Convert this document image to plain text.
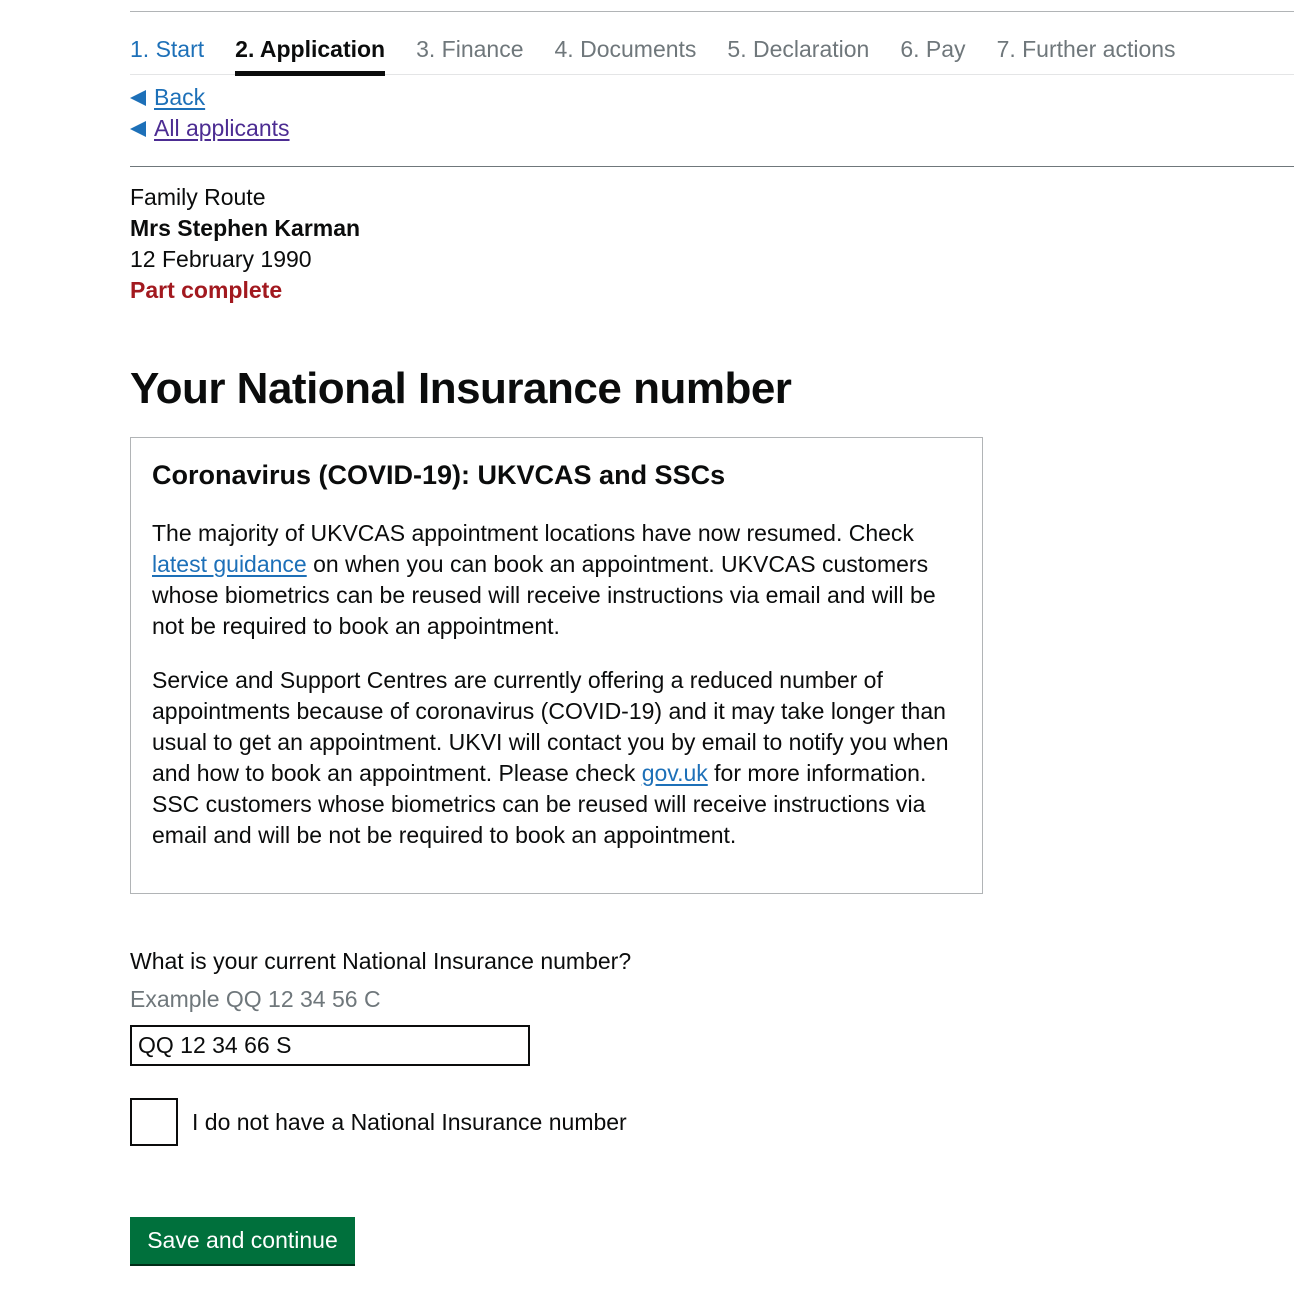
1. Start 2. Application 3. Finance 4. Documents 5. Declaration 6. Pay 7. Further actions
Back
All applicants
Family Route
Mrs Stephen Karman
12 February 1990
Part complete
Your National Insurance number
Coronavirus (COVID-19): UKVCAS and SSCs

The majority of UKVCAS appointment locations have now resumed. Check latest guidance on when you can book an appointment. UKVCAS customers whose biometrics can be reused will receive instructions via email and will be not be required to book an appointment.

Service and Support Centres are currently offering a reduced number of appointments because of coronavirus (COVID-19) and it may take longer than usual to get an appointment. UKVI will contact you by email to notify you when and how to book an appointment. Please check gov.uk for more information. SSC customers whose biometrics can be reused will receive instructions via email and will be not be required to book an appointment.

What is your current National Insurance number?
Example QQ 12 34 56 C
QQ 12 34 66 S
I do not have a National Insurance number
Save and continue
